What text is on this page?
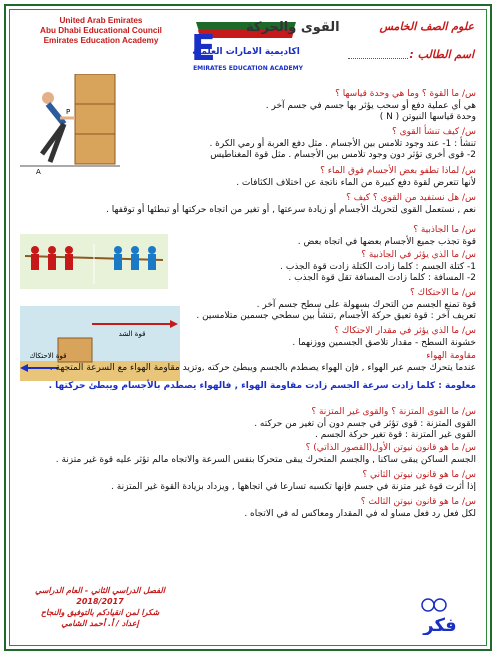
United Arab Emirates
Abu Dhabi Educational Council
Emirates Education Academy E
اكاديمية الامارات العلمية
EMIRATES EDUCATION ACADEMY
القوى والحركة	علوم الصف الخامس
اسم الطالب :
P
A
قوة الشد
قوة الاحتكاك
س/ ما القوة ؟ وما هي وحدة قياسها ؟
هي أي عملية دفع أو سحب يؤثر بها جسم في جسم آخر .
وحدة قياسها النيوتن ( N )
س/ كيف تنشأ القوى ؟
تنشأ : 1- عند وجود تلامس بين الأجسام . مثل دفع العربة أو رمي الكرة .
2- قوى أخرى تؤثر دون وجود تلامس بين الأجسام . مثل قوة المغناطيس
س/ لماذا تطفو بعض الأجسام فوق الماء ؟
لأنها تتعرض لقوة دفع كبيرة من الماء ناتجة عن اختلاف الكثافات .
س/ هل نستفيد من القوى ؟ كيف ؟
نعم , نستعمل القوى لتحريك الأجسام أو زيادة سرعتها , أو تغير من اتجاه حركتها أو تبطئها أو توقفها .
س/ ما الجاذبية ؟
قوة تجذب جميع الأجسام بعضها في اتجاه بعض .
س/ ما الذي يؤثر في الجاذبية ؟
1- كتلة الجسم : كلما زادت الكتلة زادت قوة الجذب .
2- المسافة : كلما زادت المسافة تقل قوة الجذب .
س/ ما الاحتكاك ؟
قوة تمنع الجسم من التحرك بسهولة على سطح جسم آخر .
تعريف آخر : قوة تعيق حركة الأجسام ,تنشأ بين سطحي جسمين متلامسين .
س/ ما الذي يؤثر في مقدار الاحتكاك ؟
خشونة السطح - مقدار تلاصق الجسمين ووزنهما .
مقاومة الهواء
عندما يتحرك جسم عبر الهواء , فإن الهواء يصطدم بالجسم ويبطئ حركته ,وتزيد مقاومة الهواء مع السرعة المتجهة .
معلومة : كلما زادت سرعة الجسم زادت مقاومة الهواء , فالهواء يصطدم بالأجسام ويبطئ حركتها .
س/ ما القوى المتزنة ؟ والقوى غير المتزنة ؟
القوى المتزنة : قوى تؤثر في جسم دون أن تغير من حركته .
القوى غير المتزنة : قوة تغير حركة الجسم .
س/ ما هو قانون نيوتن الأول(القصور الذاتي) ؟
الجسم الساكن يبقى ساكنا , والجسم المتحرك يبقى متحركا بنفس السرعة والاتجاه مالم تؤثر عليه قوة غير متزنة .
س/ ما هو قانون نيوتن الثاني ؟
إذا أثرت قوة غير متزنة في جسم فإنها تكسبه تسارعا في اتجاهها , ويزداد بزيادة القوة غير المتزنة .
س/ ما هو قانون نيوتن الثالث ؟
لكل فعل رد فعل مساو له في المقدار ومعاكس له في الاتجاه .
الفصل الدراسي الثاني - العام الدراسي 2018/2017
شكرا لمن انقيادكم بالتوفيق والنجاح
إعداد / أ. أحمد الشامي	فكر
